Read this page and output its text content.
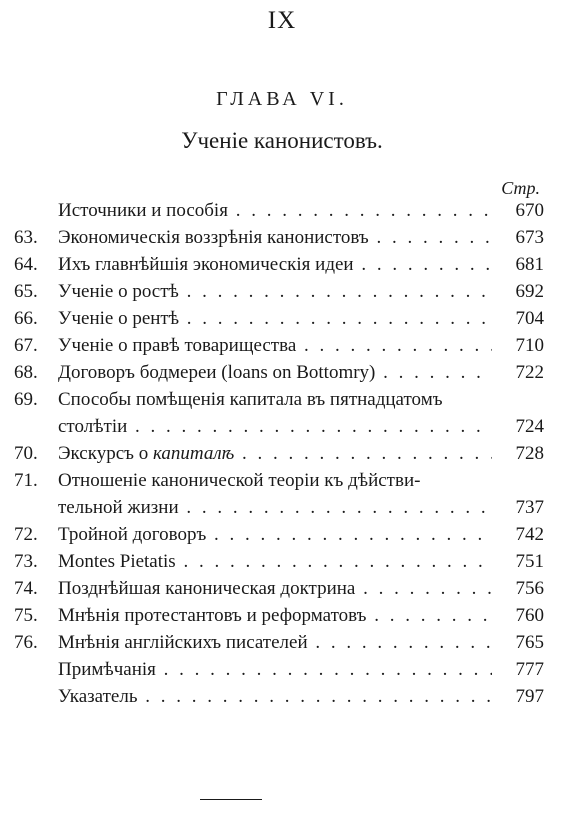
IX
ГЛАВА VI.
Ученіе канонистовъ.
Стр.
Источники и пособія . . .	670
63. Экономическія воззрѣнія канонистовъ . . .	673
64. Ихъ главнѣйшія экономическія идеи . . .	681
65. Ученіе о ростѣ . . .	692
66. Ученіе о рентѣ . . .	704
67. Ученіе о правѣ товарищества . . .	710
68. Договоръ бодмереи (loans on Bottomry) . . .	722
69. Способы помѣщенія капитала въ пятнадцатомъ
столѣтіи . . .	724
70. Экскурсъ о капиталѣ . . .	728
71. Отношеніе канонической теоріи къ дѣйстви-
тельной жизни . . .	737
72. Тройной договоръ . . .	742
73. Montes Pietatis . . .	751
74. Позднѣйшая каноническая доктрина . . .	756
75. Мнѣнія протестантовъ и реформатовъ . . .	760
76. Мнѣнія англійскихъ писателей . . .	765
Примѣчанія . . .	777
Указатель . . .	797
